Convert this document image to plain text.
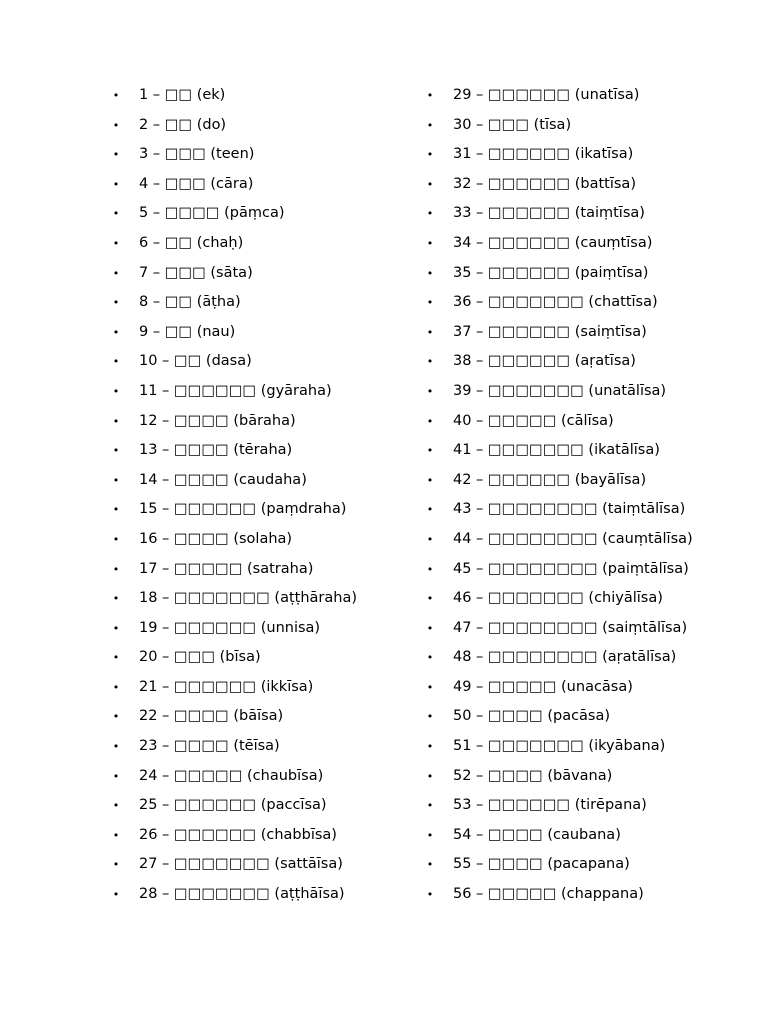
• 1 – □□ (ek)
• 2 – □□ (do)
• 3 – □□□ (teen)
• 4 – □□□ (cāra)
• 5 – □□□□ (pāṃca)
• 6 – □□ (chaḥ)
• 7 – □□□ (sāta)
• 8 – □□ (āṭha)
• 9 – □□ (nau)
• 10 – □□ (dasa)
• 11 – □□□□□□ (gyāraha)
• 12 – □□□□ (bāraha)
• 13 – □□□□ (tēraha)
• 14 – □□□□ (caudaha)
• 15 – □□□□□□ (paṃdraha)
• 16 – □□□□ (solaha)
• 17 – □□□□□ (satraha)
• 18 – □□□□□□□ (aṭṭhāraha)
• 19 – □□□□□□ (unnisa)
• 20 – □□□ (bīsa)
• 21 – □□□□□□ (ikkīsa)
• 22 – □□□□ (bāīsa)
• 23 – □□□□ (tēīsa)
• 24 – □□□□□ (chaubīsa)
• 25 – □□□□□□ (paccīsa)
• 26 – □□□□□□ (chabbīsa)
• 27 – □□□□□□□ (sattāīsa)
• 28 – □□□□□□□ (aṭṭhāīsa)
• 29 – □□□□□□ (unatīsa)
• 30 – □□□ (tīsa)
• 31 – □□□□□□ (ikatīsa)
• 32 – □□□□□□ (battīsa)
• 33 – □□□□□□ (taiṃtīsa)
• 34 – □□□□□□ (cauṃtīsa)
• 35 – □□□□□□ (paiṃtīsa)
• 36 – □□□□□□□ (chattīsa)
• 37 – □□□□□□ (saiṃtīsa)
• 38 – □□□□□□ (aṛatīsa)
• 39 – □□□□□□□ (unatālīsa)
• 40 – □□□□□ (cālīsa)
• 41 – □□□□□□□ (ikatālīsa)
• 42 – □□□□□□ (bayālīsa)
• 43 – □□□□□□□□ (taiṃtālīsa)
• 44 – □□□□□□□□ (cauṃtālīsa)
• 45 – □□□□□□□□ (paiṃtālīsa)
• 46 – □□□□□□□ (chiyālīsa)
• 47 – □□□□□□□□ (saiṃtālīsa)
• 48 – □□□□□□□□ (aṛatālīsa)
• 49 – □□□□□ (unacāsa)
• 50 – □□□□ (pacāsa)
• 51 – □□□□□□□ (ikyābana)
• 52 – □□□□ (bāvana)
• 53 – □□□□□□ (tirēpana)
• 54 – □□□□ (caubana)
• 55 – □□□□ (pacapana)
• 56 – □□□□□ (chappana)
